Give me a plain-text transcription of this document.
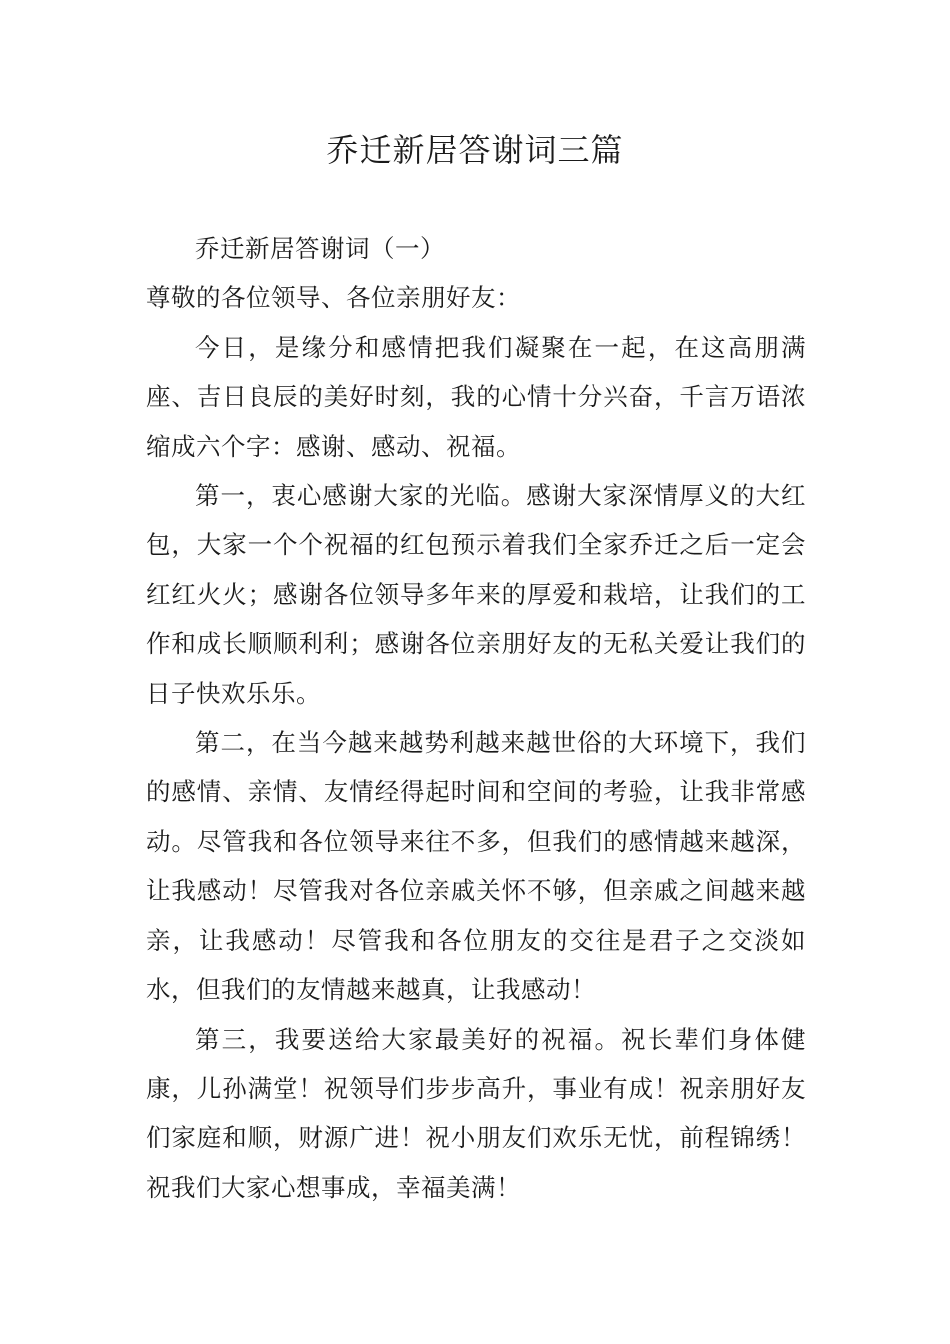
乔迁新居答谢词三篇

乔迁新居答谢词（一）

尊敬的各位领导、各位亲朋好友：

今日，是缘分和感情把我们凝聚在一起，在这高朋满座、吉日良辰的美好时刻，我的心情十分兴奋，千言万语浓缩成六个字：感谢、感动、祝福。

第一，衷心感谢大家的光临。感谢大家深情厚义的大红包，大家一个个祝福的红包预示着我们全家乔迁之后一定会红红火火；感谢各位领导多年来的厚爱和栽培，让我们的工作和成长顺顺利利；感谢各位亲朋好友的无私关爱让我们的日子快欢乐乐。

第二，在当今越来越势利越来越世俗的大环境下，我们的感情、亲情、友情经得起时间和空间的考验，让我非常感动。尽管我和各位领导来往不多，但我们的感情越来越深，让我感动！尽管我对各位亲戚关怀不够，但亲戚之间越来越亲，让我感动！尽管我和各位朋友的交往是君子之交淡如水，但我们的友情越来越真，让我感动！

第三，我要送给大家最美好的祝福。祝长辈们身体健康，儿孙满堂！祝领导们步步高升，事业有成！祝亲朋好友们家庭和顺，财源广进！祝小朋友们欢乐无忧，前程锦绣！祝我们大家心想事成，幸福美满！
